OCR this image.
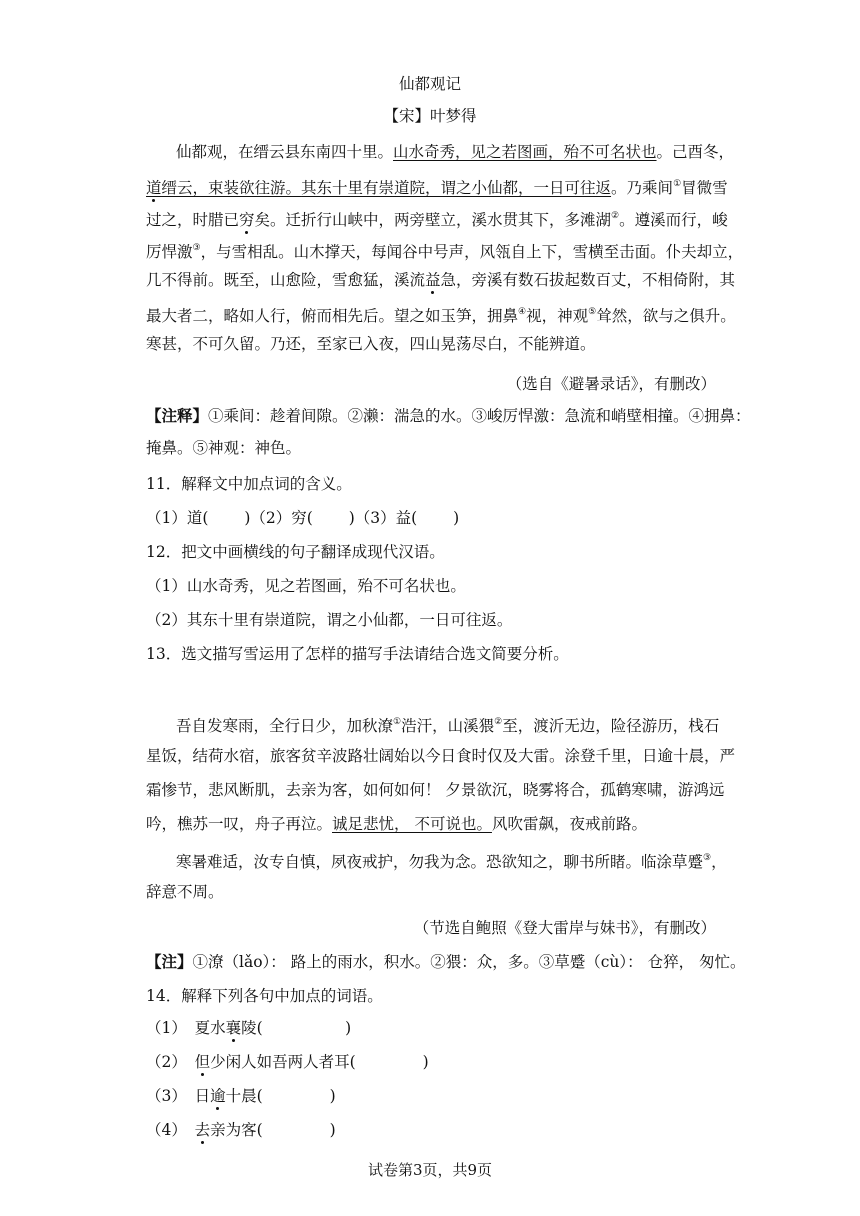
仙都观记
【宋】叶梦得
仙都观，在缙云县东南四十里。山水奇秀，见之若图画，殆不可名状也。己酉冬，
道缙云，束装欲往游。其东十里有崇道院，谓之小仙都，一日可往返。乃乘间①冒微雪
过之，时腊已穷矣。迁折行山峡中，两旁壁立，溪水贯其下，多滩湖②。遵溪而行，峻
厉悍激③，与雪相乱。山木撑天，每闻谷中号声，风瓴自上下，雪横至击面。仆夫却立，
几不得前。既至，山愈险，雪愈猛，溪流益急，旁溪有数石拔起数百丈，不相倚附，其
最大者二，略如人行，俯而相先后。望之如玉笋，拥鼻④视，神观⑤耸然，欲与之俱升。
寒甚，不可久留。乃还，至家已入夜，四山晃荡尽白，不能辨道。
（选自《避暑录话》，有删改）
【注释】①乘间：趁着间隙。②濑：湍急的水。③峻厉悍激：急流和峭壁相撞。④拥鼻：
掩鼻。⑤神观：神色。
11．解释文中加点词的含义。
（1）道(　　 )（2）穷(　　 )（3）益(　　 )
12．把文中画横线的句子翻译成现代汉语。
（1）山水奇秀，见之若图画，殆不可名状也。
（2）其东十里有崇道院，谓之小仙都，一日可往返。
13．选文描写雪运用了怎样的描写手法请结合选文简要分析。
吾自发寒雨，全行日少，加秋潦①浩汗，山溪猥②至，渡沂无边，险径游历，栈石
星饭，结荷水宿，旅客贫辛波路壮阔始以今日食时仅及大雷。涂登千里，日逾十晨，严
霜惨节，悲风断肌，去亲为客，如何如何！ 夕景欲沉，晓雾将合，孤鹤寒啸，游鸿远
吟，樵苏一叹，舟子再泣。诚足悲忧， 不可说也。风吹雷飙，夜戒前路。
寒暑难适，汝专自慎，夙夜戒护，勿我为念。恐欲知之，聊书所睹。临涂草蹙③，
辞意不周。
（节选自鲍照《登大雷岸与妹书》，有删改）
【注】①潦（lǎo）： 路上的雨水，积水。②猥：众，多。③草蹙（cù）： 仓猝， 匆忙。
14．解释下列各句中加点的词语。
（1）　夏水襄陵(　　　　　 )
（2）　但少闲人如吾两人者耳(　　　　 )
（3）　日逾十晨(　　　　 )
（4）　去亲为客(　　　　 )
试卷第3页，共9页
